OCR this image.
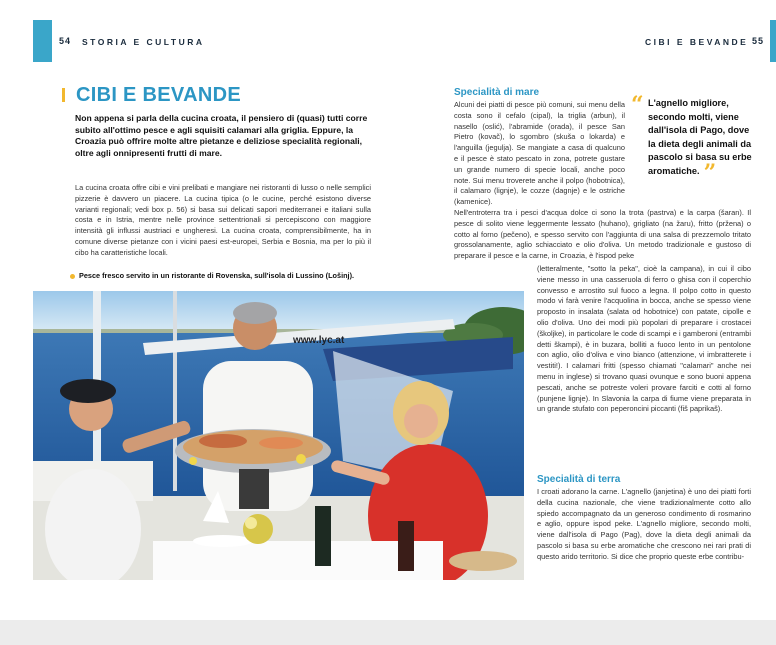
54 STORIA E CULTURA
CIBI E BEVANDE
Non appena si parla della cucina croata, il pensiero di (quasi) tutti corre subito all'ottimo pesce e agli squisiti calamari alla griglia. Eppure, la Croazia può offrire molte altre pietanze e deliziose specialità regionali, oltre agli onnipresenti frutti di mare.
La cucina croata offre cibi e vini prelibati e mangiare nei ristoranti di lusso o nelle semplici pizzerie è davvero un piacere. La cucina tipica (o le cucine, perché esistono diverse varianti regionali; vedi box p. 56) si basa sui delicati sapori mediterranei e italiani sulla costa e in Istria, mentre nelle province settentrionali si percepiscono con maggiore intensità gli influssi austriaci e ungheresi. La cucina croata, comprensibilmente, ha in comune diverse pietanze con i vicini paesi est-europei, Serbia e Bosnia, ma per lo più il cibo ha caratteristiche locali.
Pesce fresco servito in un ristorante di Rovenska, sull'isola di Lussino (Lošinj).
www.lyc.at
CIBI E BEVANDE 55
Specialità di mare
Alcuni dei piatti di pesce più comuni, sui menu della costa sono il cefalo (cipal), la triglia (arbun), il nasello (oslić), l'abramide (orada), il pesce San Pietro (kovač), lo sgombro (skuša o lokarda) e l'anguilla (jegulja). Se mangiate a casa di qualcuno e il pesce è stato pescato in zona, potrete gustare un grande numero di specie locali, anche poco note. Sui menu troverete anche il polpo (hobotnica), il calamaro (lignje), le cozze (dagnje) e le ostriche (kamenice).
“ L'agnello migliore, secondo molti, viene dall'isola di Pago, dove la dieta degli animali da pascolo si basa su erbe aromatiche. ”
Nell'entroterra tra i pesci d'acqua dolce ci sono la trota (pastrva) e la carpa (šaran). Il pesce di solito viene leggermente lessato (huhano), grigliato (na žaru), fritto (pržena) o cotto al forno (pečeno), e spesso servito con l'aggiunta di una salsa di prezzemolo tritato grossolanamente, aglio schiacciato e olio d'oliva. Un metodo tradizionale e gustoso di preparare il pesce e la carne, in Croazia, è l'ispod peke
(letteralmente, "sotto la peka", cioè la campana), in cui il cibo viene messo in una casseruola di ferro o ghisa con il coperchio convesso e arrostito sul fuoco a legna. Il polpo cotto in questo modo vi farà venire l'acquolina in bocca, anche se spesso viene proposto in insalata (salata od hobotnice) con patate, cipolle e olio d'oliva. Uno dei modi più popolari di preparare i crostacei (školjke), in particolare le code di scampi e i gamberoni (entrambi detti škampi), è in buzara, bolliti a fuoco lento in un pentolone con aglio, olio d'oliva e vino bianco (attenzione, vi imbratterete i vestiti!). I calamari fritti (spesso chiamati "calamari" anche nei menu in inglese) si trovano quasi ovunque e sono buoni appena pescati, anche se potreste voleri provare farciti e cotti al forno (punjene lignje). In Slavonia la carpa di fiume viene preparata in un grande stufato con peperoncini piccanti (fiš paprikaš).
Specialità di terra
I croati adorano la carne. L'agnello (janjetina) è uno dei piatti forti della cucina nazionale, che viene tradizionalmente cotto allo spiedo accompagnato da un generoso condimento di rosmarino e aglio, oppure ispod peke. L'agnello migliore, secondo molti, viene dall'isola di Pago (Pag), dove la dieta degli animali da pascolo si basa su erbe aromatiche che crescono nei rari prati di questo arido territorio. Si dice che proprio queste erbe contribu-
